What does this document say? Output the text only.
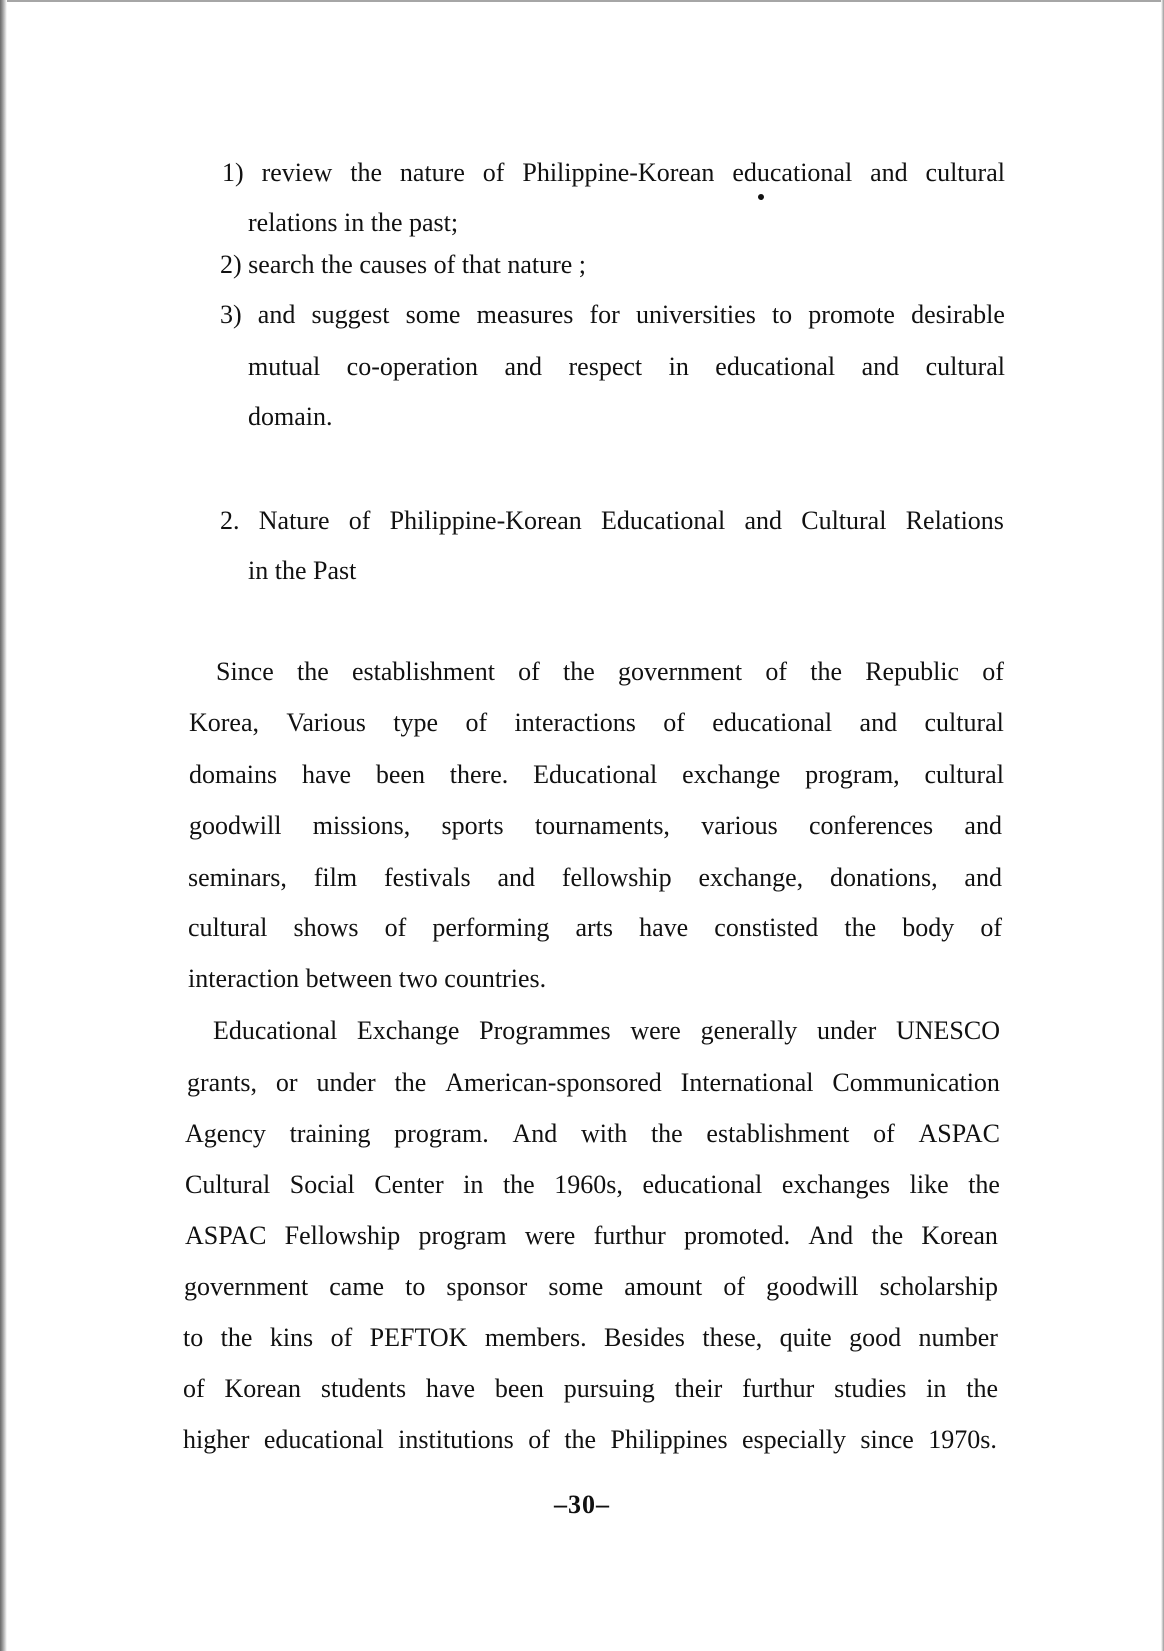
1) review the nature of Philippine-Korean educational and cultural
relations in the past;
2) search the causes of that nature ;
3) and suggest some measures for universities to promote desirable
mutual co-operation and respect in educational and cultural
domain.
2. Nature of Philippine-Korean Educational and Cultural Relations
in the Past
Since the establishment of the government of the Republic of
Korea, Various type of interactions of educational and cultural
domains have been there. Educational exchange program, cultural
goodwill missions, sports tournaments, various conferences and
seminars, film festivals and fellowship exchange, donations, and
cultural shows of performing arts have constisted the body of
interaction between two countries.
Educational Exchange Programmes were generally under UNESCO
grants, or under the American-sponsored International Communication
Agency training program. And with the establishment of ASPAC
Cultural Social Center in the 1960s, educational exchanges like the
ASPAC Fellowship program were furthur promoted. And the Korean
government came to sponsor some amount of goodwill scholarship
to the kins of PEFTOK members. Besides these, quite good number
of Korean students have been pursuing their furthur studies in the
higher educational institutions of the Philippines especially since 1970s.
–30–
